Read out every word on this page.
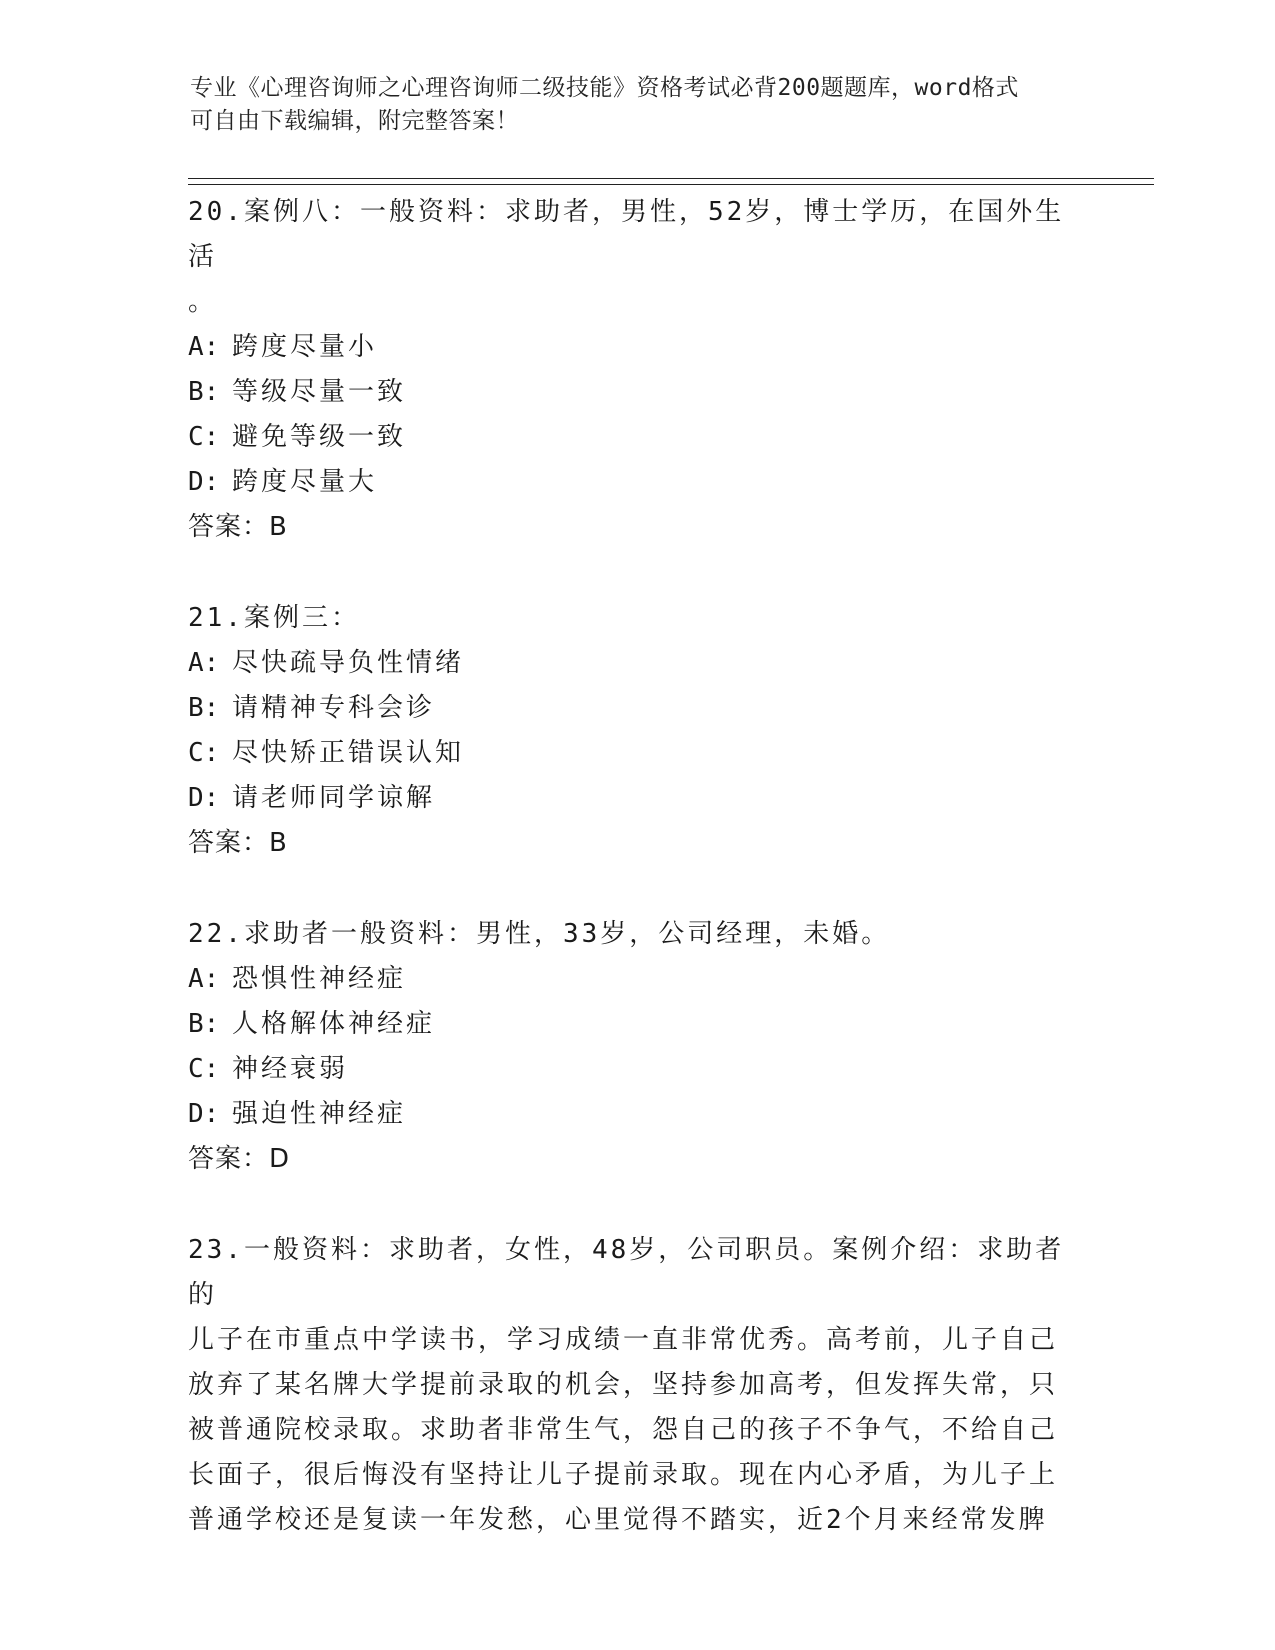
专业《心理咨询师之心理咨询师二级技能》资格考试必背200题题库，word格式
可自由下载编辑，附完整答案！

20.案例八：一般资料：求助者，男性，52岁，博士学历，在国外生活

。

A: 跨度尽量小

B: 等级尽量一致

C: 避免等级一致

D: 跨度尽量大

答案：B

21.案例三：

A: 尽快疏导负性情绪

B: 请精神专科会诊

C: 尽快矫正错误认知

D: 请老师同学谅解

答案：B

22.求助者一般资料：男性，33岁，公司经理，未婚。

A: 恐惧性神经症

B: 人格解体神经症

C: 神经衰弱

D: 强迫性神经症

答案：D

23.一般资料：求助者，女性，48岁，公司职员。案例介绍：求助者的

儿子在市重点中学读书，学习成绩一直非常优秀。高考前，儿子自己

放弃了某名牌大学提前录取的机会，坚持参加高考，但发挥失常，只

被普通院校录取。求助者非常生气，怨自己的孩子不争气，不给自己

长面子，很后悔没有坚持让儿子提前录取。现在内心矛盾，为儿子上

普通学校还是复读一年发愁，心里觉得不踏实，近2个月来经常发脾
